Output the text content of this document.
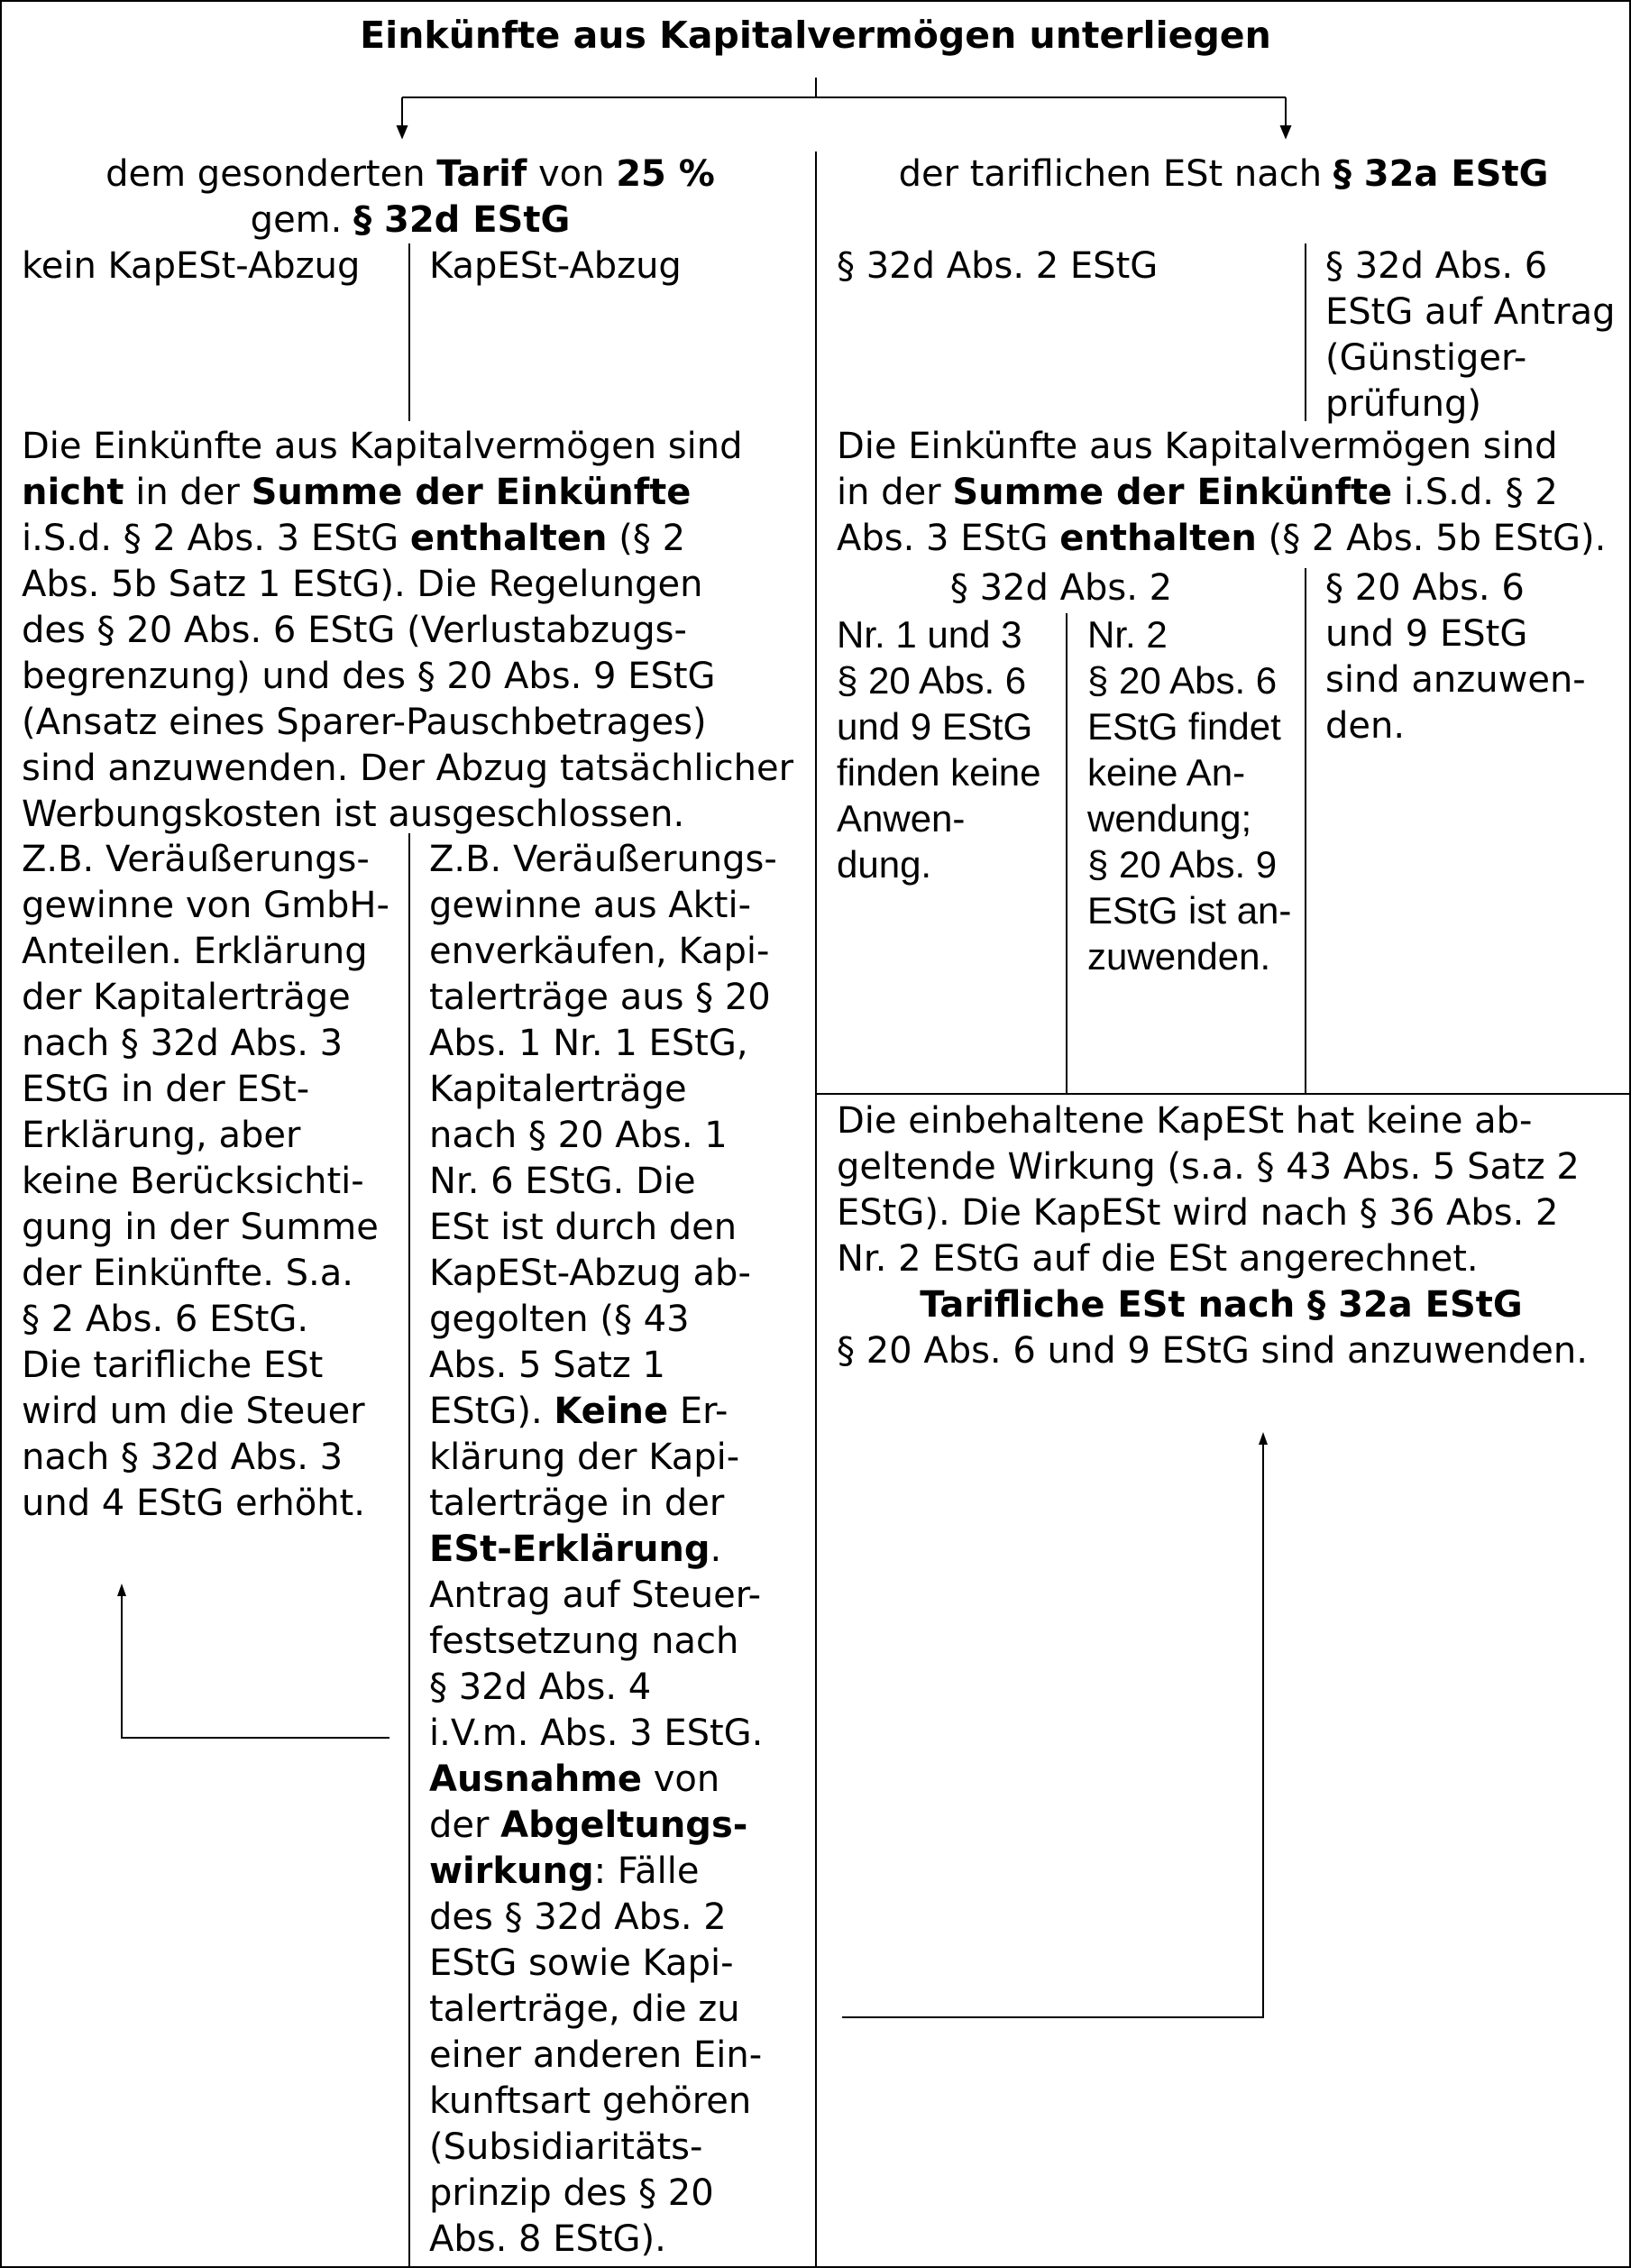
Einkünfte aus Kapitalvermögen unterliegen
dem gesonderten Tarif von 25 %
gem. § 32d EStG
kein KapESt-Abzug KapESt-Abzug
Die Einkünfte aus Kapitalvermögen sind
nicht in der Summe der Einkünfte
i.S.d. § 2 Abs. 3 EStG enthalten (§ 2
Abs. 5b Satz 1 EStG). Die Regelungen
des § 20 Abs. 6 EStG (Verlustabzugs-
begrenzung) und des § 20 Abs. 9 EStG
(Ansatz eines Sparer-Pauschbetrages)
sind anzuwenden. Der Abzug tatsächlicher
Werbungskosten ist ausgeschlossen.
Z.B. Veräußerungs-
gewinne von GmbH-
Anteilen. Erklärung
der Kapitalerträge
nach § 32d Abs. 3
EStG in der ESt-
Erklärung, aber
keine Berücksichti-
gung in der Summe
der Einkünfte. S.a.
§ 2 Abs. 6 EStG.
Die tarifliche ESt
wird um die Steuer
nach § 32d Abs. 3
und 4 EStG erhöht.
Z.B. Veräußerungs-
gewinne aus Akti-
enverkäufen, Kapi-
talerträge aus § 20
Abs. 1 Nr. 1 EStG,
Kapitalerträge
nach § 20 Abs. 1
Nr. 6 EStG. Die
ESt ist durch den
KapESt-Abzug ab-
gegolten (§ 43
Abs. 5 Satz 1
EStG). Keine Er-
klärung der Kapi-
talerträge in der
ESt-Erklärung.
Antrag auf Steuer-
festsetzung nach
§ 32d Abs. 4
i.V.m. Abs. 3 EStG.
Ausnahme von
der Abgeltungs-
wirkung: Fälle
des § 32d Abs. 2
EStG sowie Kapi-
talerträge, die zu
einer anderen Ein-
kunftsart gehören
(Subsidiaritäts-
prinzip des § 20
Abs. 8 EStG).
der tariflichen ESt nach § 32a EStG
§ 32d Abs. 2 EStG	§ 32d Abs. 6
EStG auf Antrag
(Günstiger-
prüfung)
Die Einkünfte aus Kapitalvermögen sind
in der Summe der Einkünfte i.S.d. § 2
Abs. 3 EStG enthalten (§ 2 Abs. 5b EStG).
§ 32d Abs. 2
Nr. 1 und 3
§ 20 Abs. 6
und 9 EStG
finden keine
Anwen-
dung.
Nr. 2
§ 20 Abs. 6
EStG findet
keine An-
wendung;
§ 20 Abs. 9
EStG ist an-
zuwenden.
§ 20 Abs. 6
und 9 EStG
sind anzuwen-
den.
Die einbehaltene KapESt hat keine ab-
geltende Wirkung (s.a. § 43 Abs. 5 Satz 2
EStG). Die KapESt wird nach § 36 Abs. 2
Nr. 2 EStG auf die ESt angerechnet.
Tarifliche ESt nach § 32a EStG
§ 20 Abs. 6 und 9 EStG sind anzuwenden.
